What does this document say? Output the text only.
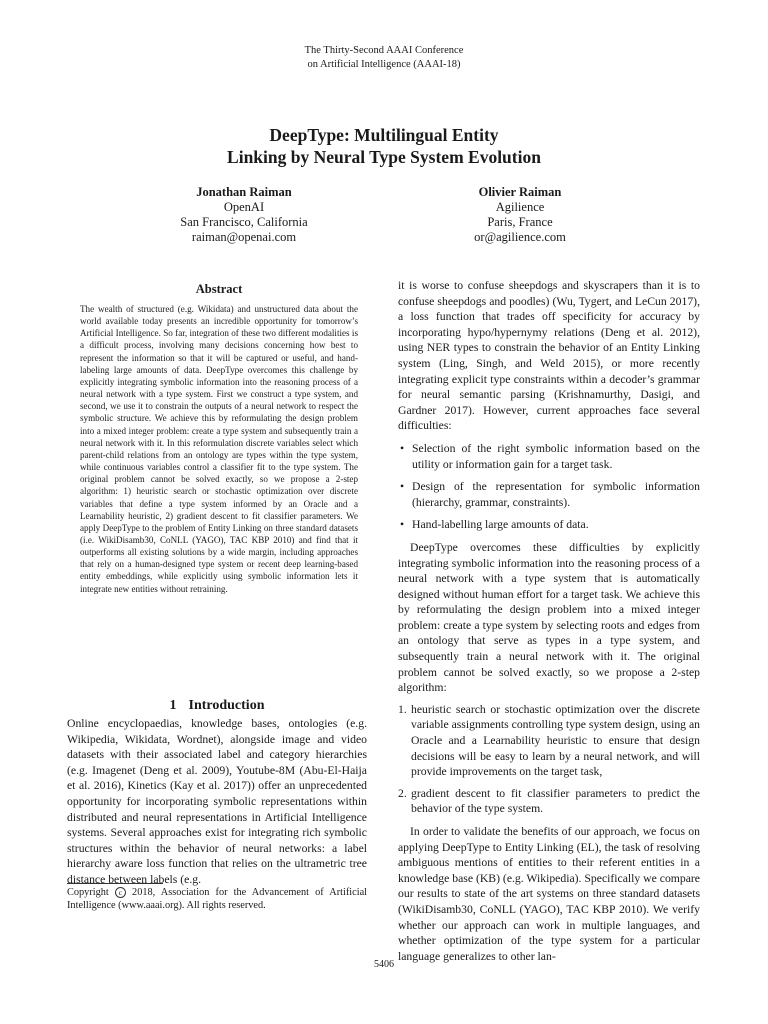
The Thirty-Second AAAI Conference
on Artificial Intelligence (AAAI-18)
DeepType: Multilingual Entity
Linking by Neural Type System Evolution
Jonathan Raiman
OpenAI
San Francisco, California
raiman@openai.com
Olivier Raiman
Agilience
Paris, France
or@agilience.com
Abstract
The wealth of structured (e.g. Wikidata) and unstructured data about the world available today presents an incredible opportunity for tomorrow’s Artificial Intelligence. So far, integration of these two different modalities is a difficult process, involving many decisions concerning how best to represent the information so that it will be captured or useful, and hand-labeling large amounts of data. DeepType overcomes this challenge by explicitly integrating symbolic information into the reasoning process of a neural network with a type system. First we construct a type system, and second, we use it to constrain the outputs of a neural network to respect the symbolic structure. We achieve this by reformulating the design problem into a mixed integer problem: create a type system and subsequently train a neural network with it. In this reformulation discrete variables select which parent-child relations from an ontology are types within the type system, while continuous variables control a classifier fit to the type system. The original problem cannot be solved exactly, so we propose a 2-step algorithm: 1) heuristic search or stochastic optimization over discrete variables that define a type system informed by an Oracle and a Learnability heuristic, 2) gradient descent to fit classifier parameters. We apply DeepType to the problem of Entity Linking on three standard datasets (i.e. WikiDisamb30, CoNLL (YAGO), TAC KBP 2010) and find that it outperforms all existing solutions by a wide margin, including approaches that rely on a human-designed type system or recent deep learning-based entity embeddings, while explicitly using symbolic information lets it integrate new entities without retraining.
1 Introduction
Online encyclopaedias, knowledge bases, ontologies (e.g. Wikipedia, Wikidata, Wordnet), alongside image and video datasets with their associated label and category hierarchies (e.g. Imagenet (Deng et al. 2009), Youtube-8M (Abu-El-Haija et al. 2016), Kinetics (Kay et al. 2017)) offer an unprecedented opportunity for incorporating symbolic representations within distributed and neural representations in Artificial Intelligence systems. Several approaches exist for integrating rich symbolic structures within the behavior of neural networks: a label hierarchy aware loss function that relies on the ultrametric tree distance between labels (e.g.

it is worse to confuse sheepdogs and skyscrapers than it is to confuse sheepdogs and poodles) (Wu, Tygert, and LeCun 2017), a loss function that trades off specificity for accuracy by incorporating hypo/hypernymy relations (Deng et al. 2012), using NER types to constrain the behavior of an Entity Linking system (Ling, Singh, and Weld 2015), or more recently integrating explicit type constraints within a decoder’s grammar for neural semantic parsing (Krishnamurthy, Dasigi, and Gardner 2017). However, current approaches face several difficulties:

• Selection of the right symbolic information based on the utility or information gain for a target task.
• Design of the representation for symbolic information (hierarchy, grammar, constraints).
• Hand-labelling large amounts of data.

DeepType overcomes these difficulties by explicitly integrating symbolic information into the reasoning process of a neural network with a type system that is automatically designed without human effort for a target task. We achieve this by reformulating the design problem into a mixed integer problem: create a type system by selecting roots and edges from an ontology that serve as types in a type system, and subsequently train a neural network with it. The original problem cannot be solved exactly, so we propose a 2-step algorithm:

1. heuristic search or stochastic optimization over the discrete variable assignments controlling type system design, using an Oracle and a Learnability heuristic to ensure that design decisions will be easy to learn by a neural network, and will provide improvements on the target task,
2. gradient descent to fit classifier parameters to predict the behavior of the type system.

In order to validate the benefits of our approach, we focus on applying DeepType to Entity Linking (EL), the task of resolving ambiguous mentions of entities to their referent entities in a knowledge base (KB) (e.g. Wikipedia). Specifically we compare our results to state of the art systems on three standard datasets (WikiDisamb30, CoNLL (YAGO), TAC KBP 2010). We verify whether our approach can work in multiple languages, and whether optimization of the type system for a particular language generalizes to other lan-

Copyright c 2018, Association for the Advancement of Artificial Intelligence (www.aaai.org). All rights reserved.
5406
